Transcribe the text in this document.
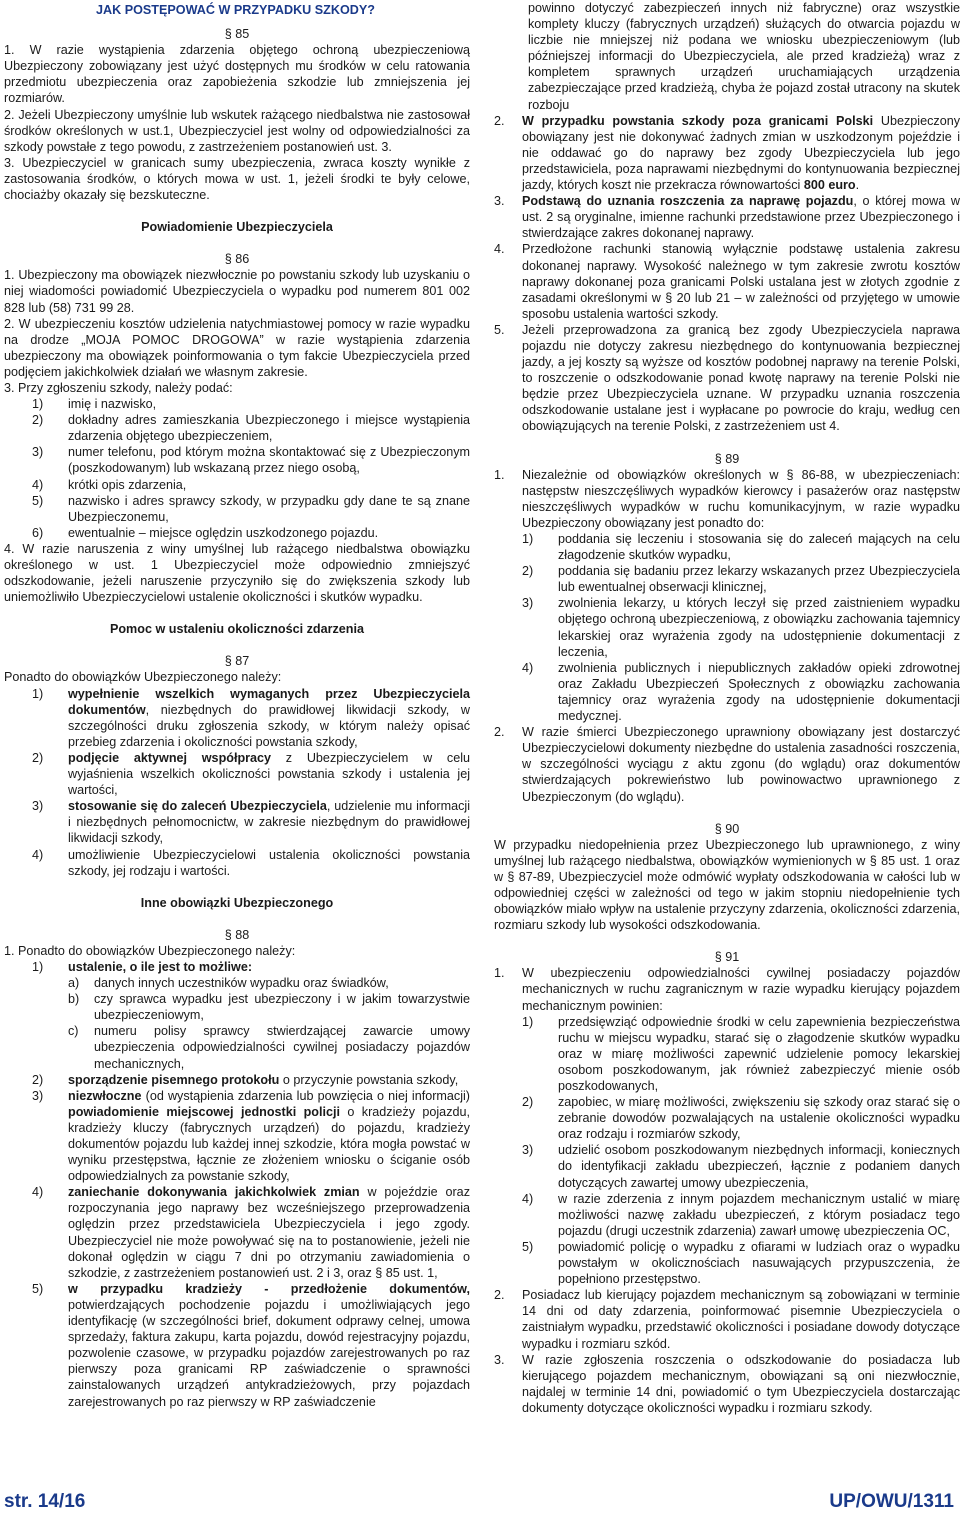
JAK POSTĘPOWAĆ W PRZYPADKU SZKODY?

§ 85

1. W razie wystąpienia zdarzenia objętego ochroną ubezpieczeniową Ubezpieczony zobowiązany jest użyć dostępnych mu środków w celu ratowania przedmiotu ubezpieczenia oraz zapobieżenia szkodzie lub zmniejszenia jej rozmiarów.

2. Jeżeli Ubezpieczony umyślnie lub wskutek rażącego niedbalstwa nie zastosował środków określonych w ust.1, Ubezpieczyciel jest wolny od odpowiedzialności za szkody powstałe z tego powodu, z zastrzeżeniem postanowień ust. 3.

3. Ubezpieczyciel w granicach sumy ubezpieczenia, zwraca koszty wynikłe z zastosowania środków, o których mowa w ust. 1, jeżeli środki te były celowe, chociażby okazały się bezskuteczne.

Powiadomienie Ubezpieczyciela

§ 86

1. Ubezpieczony ma obowiązek niezwłocznie po powstaniu szkody lub uzyskaniu o niej wiadomości powiadomić Ubezpieczyciela o wypadku pod numerem 801 002 828 lub (58) 731 99 28.

2. W ubezpieczeniu kosztów udzielenia natychmiastowej pomocy w razie wypadku na drodze „MOJA POMOC DROGOWA” w razie wystąpienia zdarzenia ubezpieczony ma obowiązek poinformowania o tym fakcie Ubezpieczyciela przed podjęciem jakichkolwiek działań we własnym zakresie.

3. Przy zgłoszeniu szkody, należy podać:

1)	imię i nazwisko,
2)	dokładny adres zamieszkania Ubezpieczonego i miejsce wystąpienia zdarzenia objętego ubezpieczeniem,
3)	numer telefonu, pod którym można skontaktować się z Ubezpieczonym (poszkodowanym) lub wskazaną przez niego osobą,
4)	krótki opis zdarzenia,
5)	nazwisko i adres sprawcy szkody, w przypadku gdy dane te są znane Ubezpieczonemu,
6)	ewentualnie – miejsce oględzin uszkodzonego pojazdu.

4. W razie naruszenia z winy umyślnej lub rażącego niedbalstwa obowiązku określonego w ust. 1 Ubezpieczyciel może odpowiednio zmniejszyć odszkodowanie, jeżeli naruszenie przyczyniło się do zwiększenia szkody lub uniemożliwiło Ubezpieczycielowi ustalenie okoliczności i skutków wypadku.

Pomoc w ustaleniu okoliczności zdarzenia

§ 87

Ponadto do obowiązków Ubezpieczonego należy:

1)	wypełnienie wszelkich wymaganych przez Ubezpieczyciela dokumentów, niezbędnych do prawidłowej likwidacji szkody, w szczególności druku zgłoszenia szkody, w którym należy opisać przebieg zdarzenia i okoliczności powstania szkody,
2)	podjęcie aktywnej współpracy z Ubezpieczycielem w celu wyjaśnienia wszelkich okoliczności powstania szkody i ustalenia jej wartości,
3)	stosowanie się do zaleceń Ubezpieczyciela, udzielenie mu informacji i niezbędnych pełnomocnictw, w zakresie niezbędnym do prawidłowej likwidacji szkody,
4)	umożliwienie Ubezpieczycielowi ustalenia okoliczności powstania szkody, jej rodzaju i wartości.

Inne obowiązki Ubezpieczonego

§ 88

1. Ponadto do obowiązków Ubezpieczonego należy:

1)	ustalenie, o ile jest to możliwe:
a)	danych innych uczestników wypadku oraz świadków,
b)	czy sprawca wypadku jest ubezpieczony i w jakim towarzystwie ubezpieczeniowym,
c)	numeru polisy sprawcy stwierdzającej zawarcie umowy ubezpieczenia odpowiedzialności cywilnej posiadaczy pojazdów mechanicznych,
2)	sporządzenie pisemnego protokołu o przyczynie powstania szkody,
3)	niezwłoczne (od wystąpienia zdarzenia lub powzięcia o niej informacji) powiadomienie miejscowej jednostki policji o kradzieży pojazdu, kradzieży kluczy (fabrycznych urządzeń) do pojazdu, kradzieży dokumentów pojazdu lub każdej innej szkodzie, która mogła powstać w wyniku przestępstwa, łącznie ze złożeniem wniosku o ściganie osób odpowiedzialnych za powstanie szkody,
4)	zaniechanie dokonywania jakichkolwiek zmian w pojeździe oraz rozpoczynania jego naprawy bez wcześniejszego przeprowadzenia oględzin przez przedstawiciela Ubezpieczyciela i jego zgody. Ubezpieczyciel nie może powoływać się na to postanowienie, jeżeli nie dokonał oględzin w ciągu 7 dni po otrzymaniu zawiadomienia o szkodzie, z zastrzeżeniem postanowień ust. 2 i 3, oraz § 85 ust. 1,
5)	w przypadku kradzieży - przedłożenie dokumentów, potwierdzających pochodzenie pojazdu i umożliwiających jego identyfikację (w szczególności brief, dokument odprawy celnej, umowa sprzedaży, faktura zakupu, karta pojazdu, dowód rejestracyjny pojazdu, pozwolenie czasowe, w przypadku pojazdów zarejestrowanych po raz pierwszy poza granicami RP zaświadczenie o sprawności zainstalowanych urządzeń antykradzieżowych, przy pojazdach zarejestrowanych po raz pierwszy w RP zaświadczenie

powinno dotyczyć zabezpieczeń innych niż fabryczne) oraz wszystkie komplety kluczy (fabrycznych urządzeń) służących do otwarcia pojazdu w liczbie nie mniejszej niż podana we wniosku ubezpieczeniowym (lub późniejszej informacji do Ubezpieczyciela, ale przed kradzieżą) wraz z kompletem sprawnych urządzeń uruchamiających urządzenia zabezpieczające przed kradzieżą, chyba że pojazd został utracony na skutek rozboju

2.	W przypadku powstania szkody poza granicami Polski Ubezpieczony obowiązany jest nie dokonywać żadnych zmian w uszkodzonym pojeździe i nie oddawać go do naprawy bez zgody Ubezpieczyciela lub jego przedstawiciela, poza naprawami niezbędnymi do kontynuowania bezpiecznej jazdy, których koszt nie przekracza równowartości 800 euro.
3.	Podstawą do uznania roszczenia za naprawę pojazdu, o której mowa w ust. 2 są oryginalne, imienne rachunki przedstawione przez Ubezpieczonego i stwierdzające zakres dokonanej naprawy.
4.	Przedłożone rachunki stanowią wyłącznie podstawę ustalenia zakresu dokonanej naprawy. Wysokość należnego w tym zakresie zwrotu kosztów naprawy dokonanej poza granicami Polski ustalana jest w złotych zgodnie z zasadami określonymi w § 20 lub 21 – w zależności od przyjętego w umowie sposobu ustalenia wartości szkody.
5.	Jeżeli przeprowadzona za granicą bez zgody Ubezpieczyciela naprawa pojazdu nie dotyczy zakresu niezbędnego do kontynuowania bezpiecznej jazdy, a jej koszty są wyższe od kosztów podobnej naprawy na terenie Polski, to roszczenie o odszkodowanie ponad kwotę naprawy na terenie Polski nie będzie przez Ubezpieczyciela uznane. W przypadku uznania roszczenia odszkodowanie ustalane jest i wypłacane po powrocie do kraju, według cen obowiązujących na terenie Polski, z zastrzeżeniem ust 4.

§ 89

1.	Niezależnie od obowiązków określonych w § 86-88, w ubezpieczeniach: następstw nieszczęśliwych wypadków kierowcy i pasażerów oraz następstw nieszczęśliwych wypadków w ruchu komunikacyjnym, w razie wypadku Ubezpieczony obowiązany jest ponadto do:
1)	poddania się leczeniu i stosowania się do zaleceń mających na celu złagodzenie skutków wypadku,
2)	poddania się badaniu przez lekarzy wskazanych przez Ubezpieczyciela lub ewentualnej obserwacji klinicznej,
3)	zwolnienia lekarzy, u których leczył się przed zaistnieniem wypadku objętego ochroną ubezpieczeniową, z obowiązku zachowania tajemnicy lekarskiej oraz wyrażenia zgody na udostępnienie dokumentacji z leczenia,
4)	zwolnienia publicznych i niepublicznych zakładów opieki zdrowotnej oraz Zakładu Ubezpieczeń Społecznych z obowiązku zachowania tajemnicy oraz wyrażenia zgody na udostępnienie dokumentacji medycznej.
2.	W razie śmierci Ubezpieczonego uprawniony obowiązany jest dostarczyć Ubezpieczycielowi dokumenty niezbędne do ustalenia zasadności roszczenia, w szczególności wyciągu z aktu zgonu (do wglądu) oraz dokumentów stwierdzających pokrewieństwo lub powinowactwo uprawnionego z Ubezpieczonym (do wglądu).

§ 90

W przypadku niedopełnienia przez Ubezpieczonego lub uprawnionego, z winy umyślnej lub rażącego niedbalstwa, obowiązków wymienionych w § 85 ust. 1 oraz w § 87-89, Ubezpieczyciel może odmówić wypłaty odszkodowania w całości lub w odpowiedniej części w zależności od tego w jakim stopniu niedopełnienie tych obowiązków miało wpływ na ustalenie przyczyny zdarzenia, okoliczności zdarzenia, rozmiaru szkody lub wysokości odszkodowania.

§ 91

1.	W ubezpieczeniu odpowiedzialności cywilnej posiadaczy pojazdów mechanicznych w ruchu zagranicznym w razie wypadku kierujący pojazdem mechanicznym powinien:
1)	przedsięwziąć odpowiednie środki w celu zapewnienia bezpieczeństwa ruchu w miejscu wypadku, starać się o złagodzenie skutków wypadku oraz w miarę możliwości zapewnić udzielenie pomocy lekarskiej osobom poszkodowanym, jak również zabezpieczyć mienie osób poszkodowanych,
2)	zapobiec, w miarę możliwości, zwiększeniu się szkody oraz starać się o zebranie dowodów pozwalających na ustalenie okoliczności wypadku oraz rodzaju i rozmiarów szkody,
3)	udzielić osobom poszkodowanym niezbędnych informacji, koniecznych do identyfikacji zakładu ubezpieczeń, łącznie z podaniem danych dotyczących zawartej umowy ubezpieczenia,
4)	w razie zderzenia z innym pojazdem mechanicznym ustalić w miarę możliwości nazwę zakładu ubezpieczeń, z którym posiadacz tego pojazdu (drugi uczestnik zdarzenia) zawarł umowę ubezpieczenia OC,
5)	powiadomić policję o wypadku z ofiarami w ludziach oraz o wypadku powstałym w okolicznościach nasuwających przypuszczenia, że popełniono przestępstwo.
2.	Posiadacz lub kierujący pojazdem mechanicznym są zobowiązani w terminie 14 dni od daty zdarzenia, poinformować pisemnie Ubezpieczyciela o zaistniałym wypadku, przedstawić okoliczności i posiadane dowody dotyczące wypadku i rozmiaru szkód.
3.	W razie zgłoszenia roszczenia o odszkodowanie do posiadacza lub kierującego pojazdem mechanicznym, obowiązani są oni niezwłocznie, najdalej w terminie 14 dni, powiadomić o tym Ubezpieczyciela dostarczając dokumenty dotyczące okoliczności wypadku i rozmiaru szkody.
str. 14/16	UP/OWU/1311
